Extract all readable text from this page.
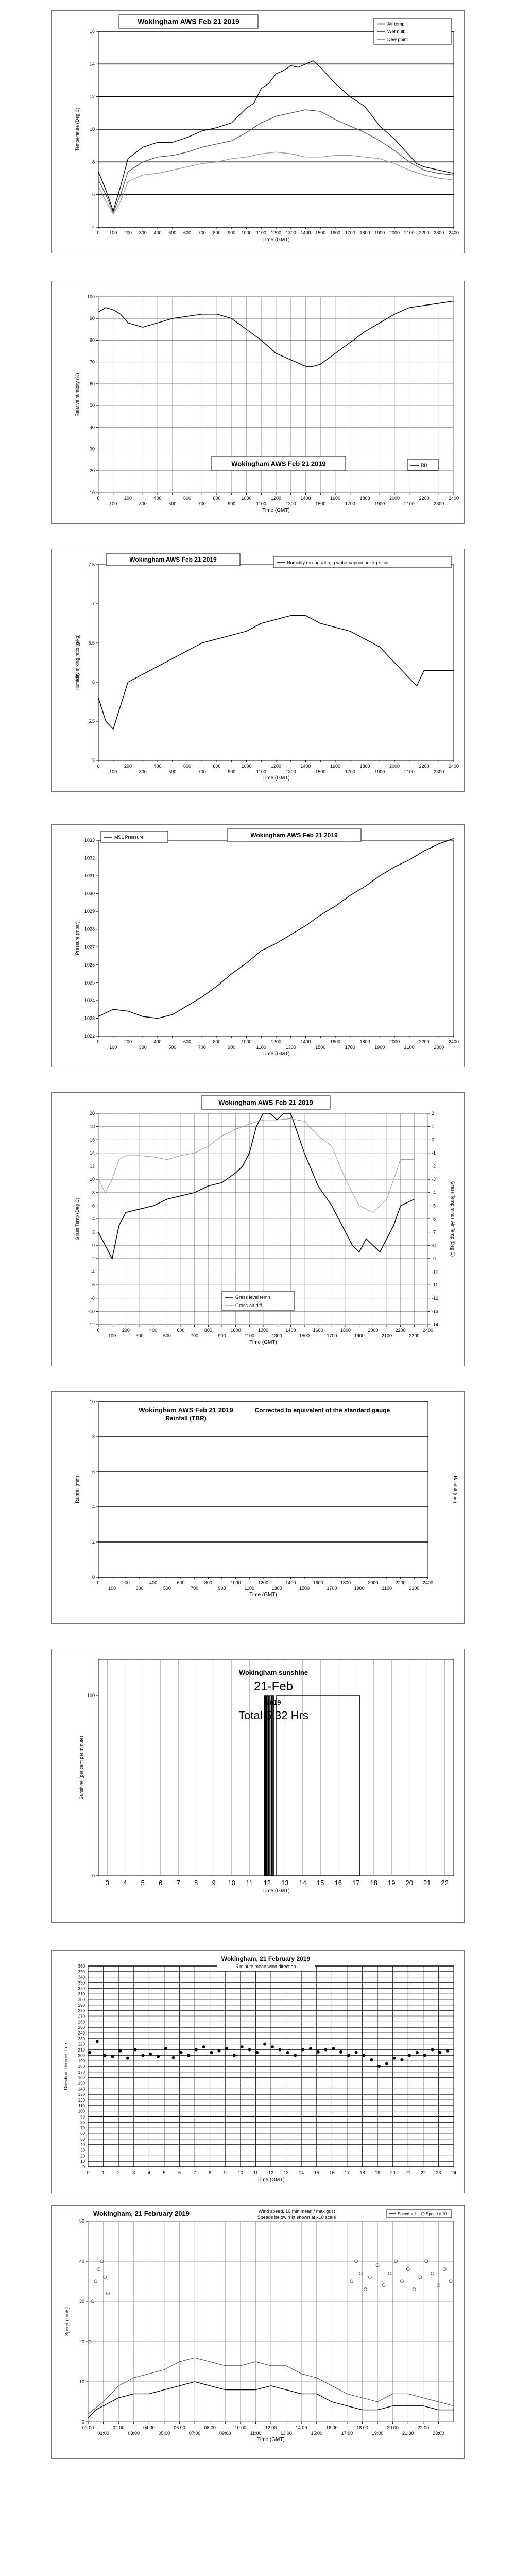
4
6
8
10
12
14
16
0 100 200 300 400 500 600 700 800 900 1000 1100 1200 1300 1400 1500 1600 1700 1800 1900 2000 2100 2200 2300 2400
Time (GMT)
Temperature (Deg C)
Wokingham AWS Feb 21 2019	Air temp
Wet bulb
Dew point
10
20
30
40
50
60
70
80
90
100
0	200	400	600	800	1000	1200	1400	1600	1800	2000	2200	2400
100	300	500	700	900	1100	1300	1500	1700	1900	2100	2300
Time (GMT)
Relative humidity (%)
Wokingham AWS Feb 21 2019	RH
5
5.5
6
6.5
7
7.5
0	200	400	600	800	1000	1200	1400	1600	1800	2000	2200	2400
100	300	500	700	900	1100	1300	1500	1700	1900	2100	2300
Time (GMT)
Humidity mixing ratio (g/kg)
Wokingham AWS Feb 21 2019	Humidity mixing ratio, g water vapour per kg of air
1022
1023
1024
1025
1026
1027
1028
1029
1030
1031
1032
1033
0	200	400	600	800	1000	1200	1400	1600	1800	2000	2200	2400
100	300	500	700	900	1100	1300	1500	1700	1900	2100	2300
Time (GMT)
Pressure (mbar)
Wokingham AWS Feb 21 2019
MSL Pressure
-12
-10
-8
-6
-4
-2
0
2
4
6
8
10
12
14
16
18
20
0	200	400	600	800	1000	1200	1400	1600	1800	2000	2200	2400
100	300	500	700	900	1100	1300	1500	1700	1900	2100	2300
Time (GMT)
Grass Temp (Deg C)
-14
-13
-12
-11
-10
-9
-8
-7
-6
-5
-4
-3
-2
-1
0
1
2
Grass Temp minus Air Temp (Deg C)
Wokingham AWS Feb 21 2019
Grass level temp
Grass-air diff
0
2
4
6
8
10
0	200	400	600	800	1000	1200	1400	1600	1800	2000	2200	2400
100	300	500	700	900	1100	1300	1500	1700	1900	2100	2300
Time (GMT)
Rainfall (mm)	Rainfall (mm)
Wokingham AWS Feb 21 2019
Rainfall (TBR)
Corrected to equivalent of the standard gauge
3 4 5 6 7 8 9 10 11 12 13 14 15 16 17 18 19 20 21 22
0
100
Time (GMT)
Sunshine (per cent per minute)
Wokingham sunshine
21-Feb
2019
Total 5.32 Hrs
0
10
20
30
40
50
60
70
80
90
100
110
120
130
140
150
160
170
180
190
200
210
220
230
240
250
260
270
280
290
300
310
320
330
340
350
360
0	1	2	3	4	5	6	7	8	9 10 11 12 13 14 15 16 17 18 19 20 21 22 23 24
Time (GMT)
Direction, degrees true
Wokingham, 21 February 2019
5 minute mean wind direction
0
10
20
30
40
50
00:00	02:00	04:00	06:00	08:00	10:00	12:00	14:00	16:00	18:00	20:00	22:00
01:00	03:00	05:00	07:00	09:00	11:00	13:00	15:00	17:00	19:00	21:00	23:00
Time (GMT)
Speed (knots)
Wokingham, 21 February 2019	Wind speed, 10 min mean / max gust
Speeds below 4 kt shown at x10 scale
Speed x 1 Speed x 10
